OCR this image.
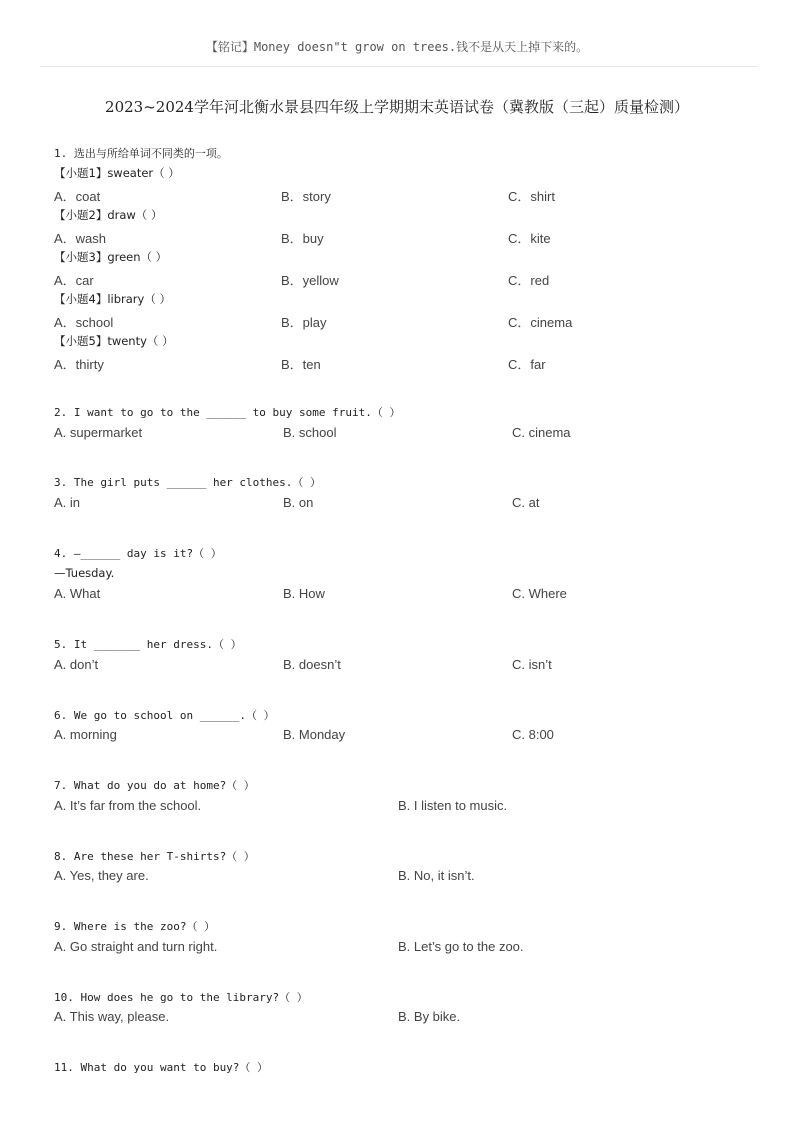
【铭记】Money doesn"t grow on trees.钱不是从天上掉下来的。
2023~2024学年河北衡水景县四年级上学期期末英语试卷（冀教版（三起）质量检测）
1. 选出与所给单词不同类的一项。
【小题1】sweater（ ）
A．coat	B．story	C．shirt
【小题2】draw（ ）
A．wash	B．buy	C．kite
【小题3】green（ ）
A．car	B．yellow	C．red
【小题4】library（ ）
A．school	B．play	C．cinema
【小题5】twenty（ ）
A．thirty	B．ten	C．far
2. I want to go to the ______ to buy some fruit.（ ）
A. supermarket	B. school	C. cinema
3. The girl puts ______ her clothes.（ ）
A. in	B. on	C. at
4. —______ day is it?（ ）
—Tuesday.
A. What	B. How	C. Where
5. It _______ her dress.（ ）
A. don’t	B. doesn’t	C. isn’t
6. We go to school on ______.（ ）
A. morning	B. Monday	C. 8:00
7. What do you do at home?（ ）
A. It’s far from the school.	B. I listen to music.
8. Are these her T-shirts?（ ）
A. Yes, they are.	B. No, it isn’t.
9. Where is the zoo?（ ）
A. Go straight and turn right.	B. Let’s go to the zoo.
10. How does he go to the library?（ ）
A. This way, please.	B. By bike.
11. What do you want to buy?（ ）
